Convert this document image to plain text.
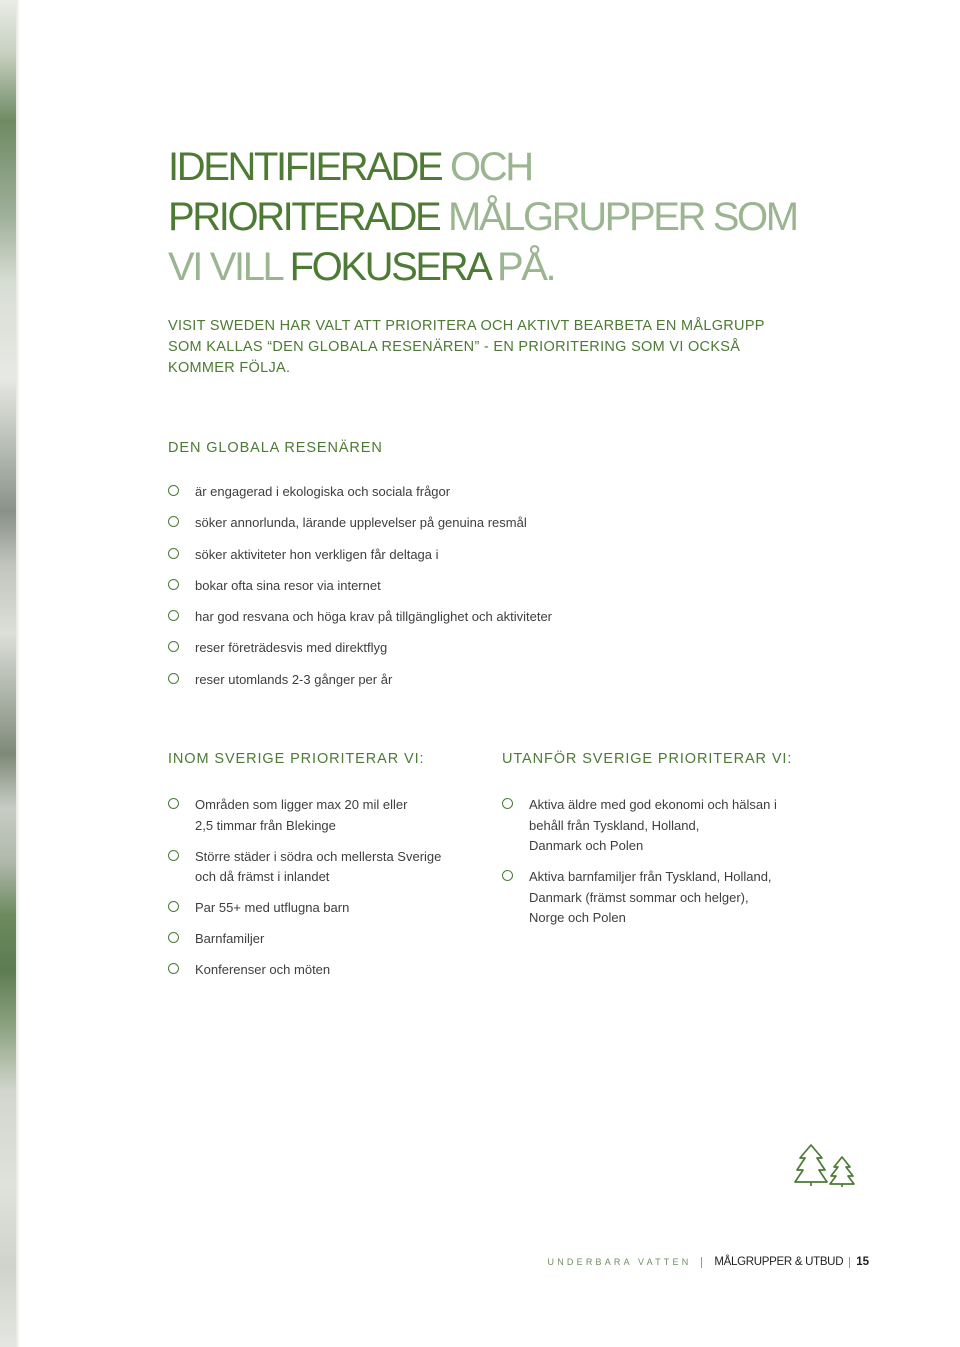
IDENTIFIERADE OCH
PRIORITERADE MÅLGRUPPER SOM
VI VILL FOKUSERA PÅ.
VISIT SWEDEN HAR VALT ATT PRIORITERA OCH AKTIVT BEARBETA EN MÅLGRUPP
SOM KALLAS “DEN GLOBALA RESENÄREN” - EN PRIORITERING SOM VI OCKSÅ
KOMMER FÖLJA.
DEN GLOBALA RESENÄREN
är engagerad i ekologiska och sociala frågor
söker annorlunda, lärande upplevelser på genuina resmål
söker aktiviteter hon verkligen får deltaga i
bokar ofta sina resor via internet
har god resvana och höga krav på tillgänglighet och aktiviteter
reser företrädesvis med direktflyg
reser utomlands 2-3 gånger per år
INOM SVERIGE PRIORITERAR VI:
Områden som ligger max 20 mil eller
2,5 timmar från Blekinge
Större städer i södra och mellersta Sverige
och då främst i inlandet
Par 55+ med utflugna barn
Barnfamiljer
Konferenser och möten
UTANFÖR SVERIGE PRIORITERAR VI:
Aktiva äldre med god ekonomi och hälsan i
behåll från Tyskland, Holland,
Danmark och Polen
Aktiva barnfamiljer från Tyskland, Holland,
Danmark (främst sommar och helger),
Norge och Polen
UNDERBARA VATTEN MÅLGRUPPER & UTBUD 15
